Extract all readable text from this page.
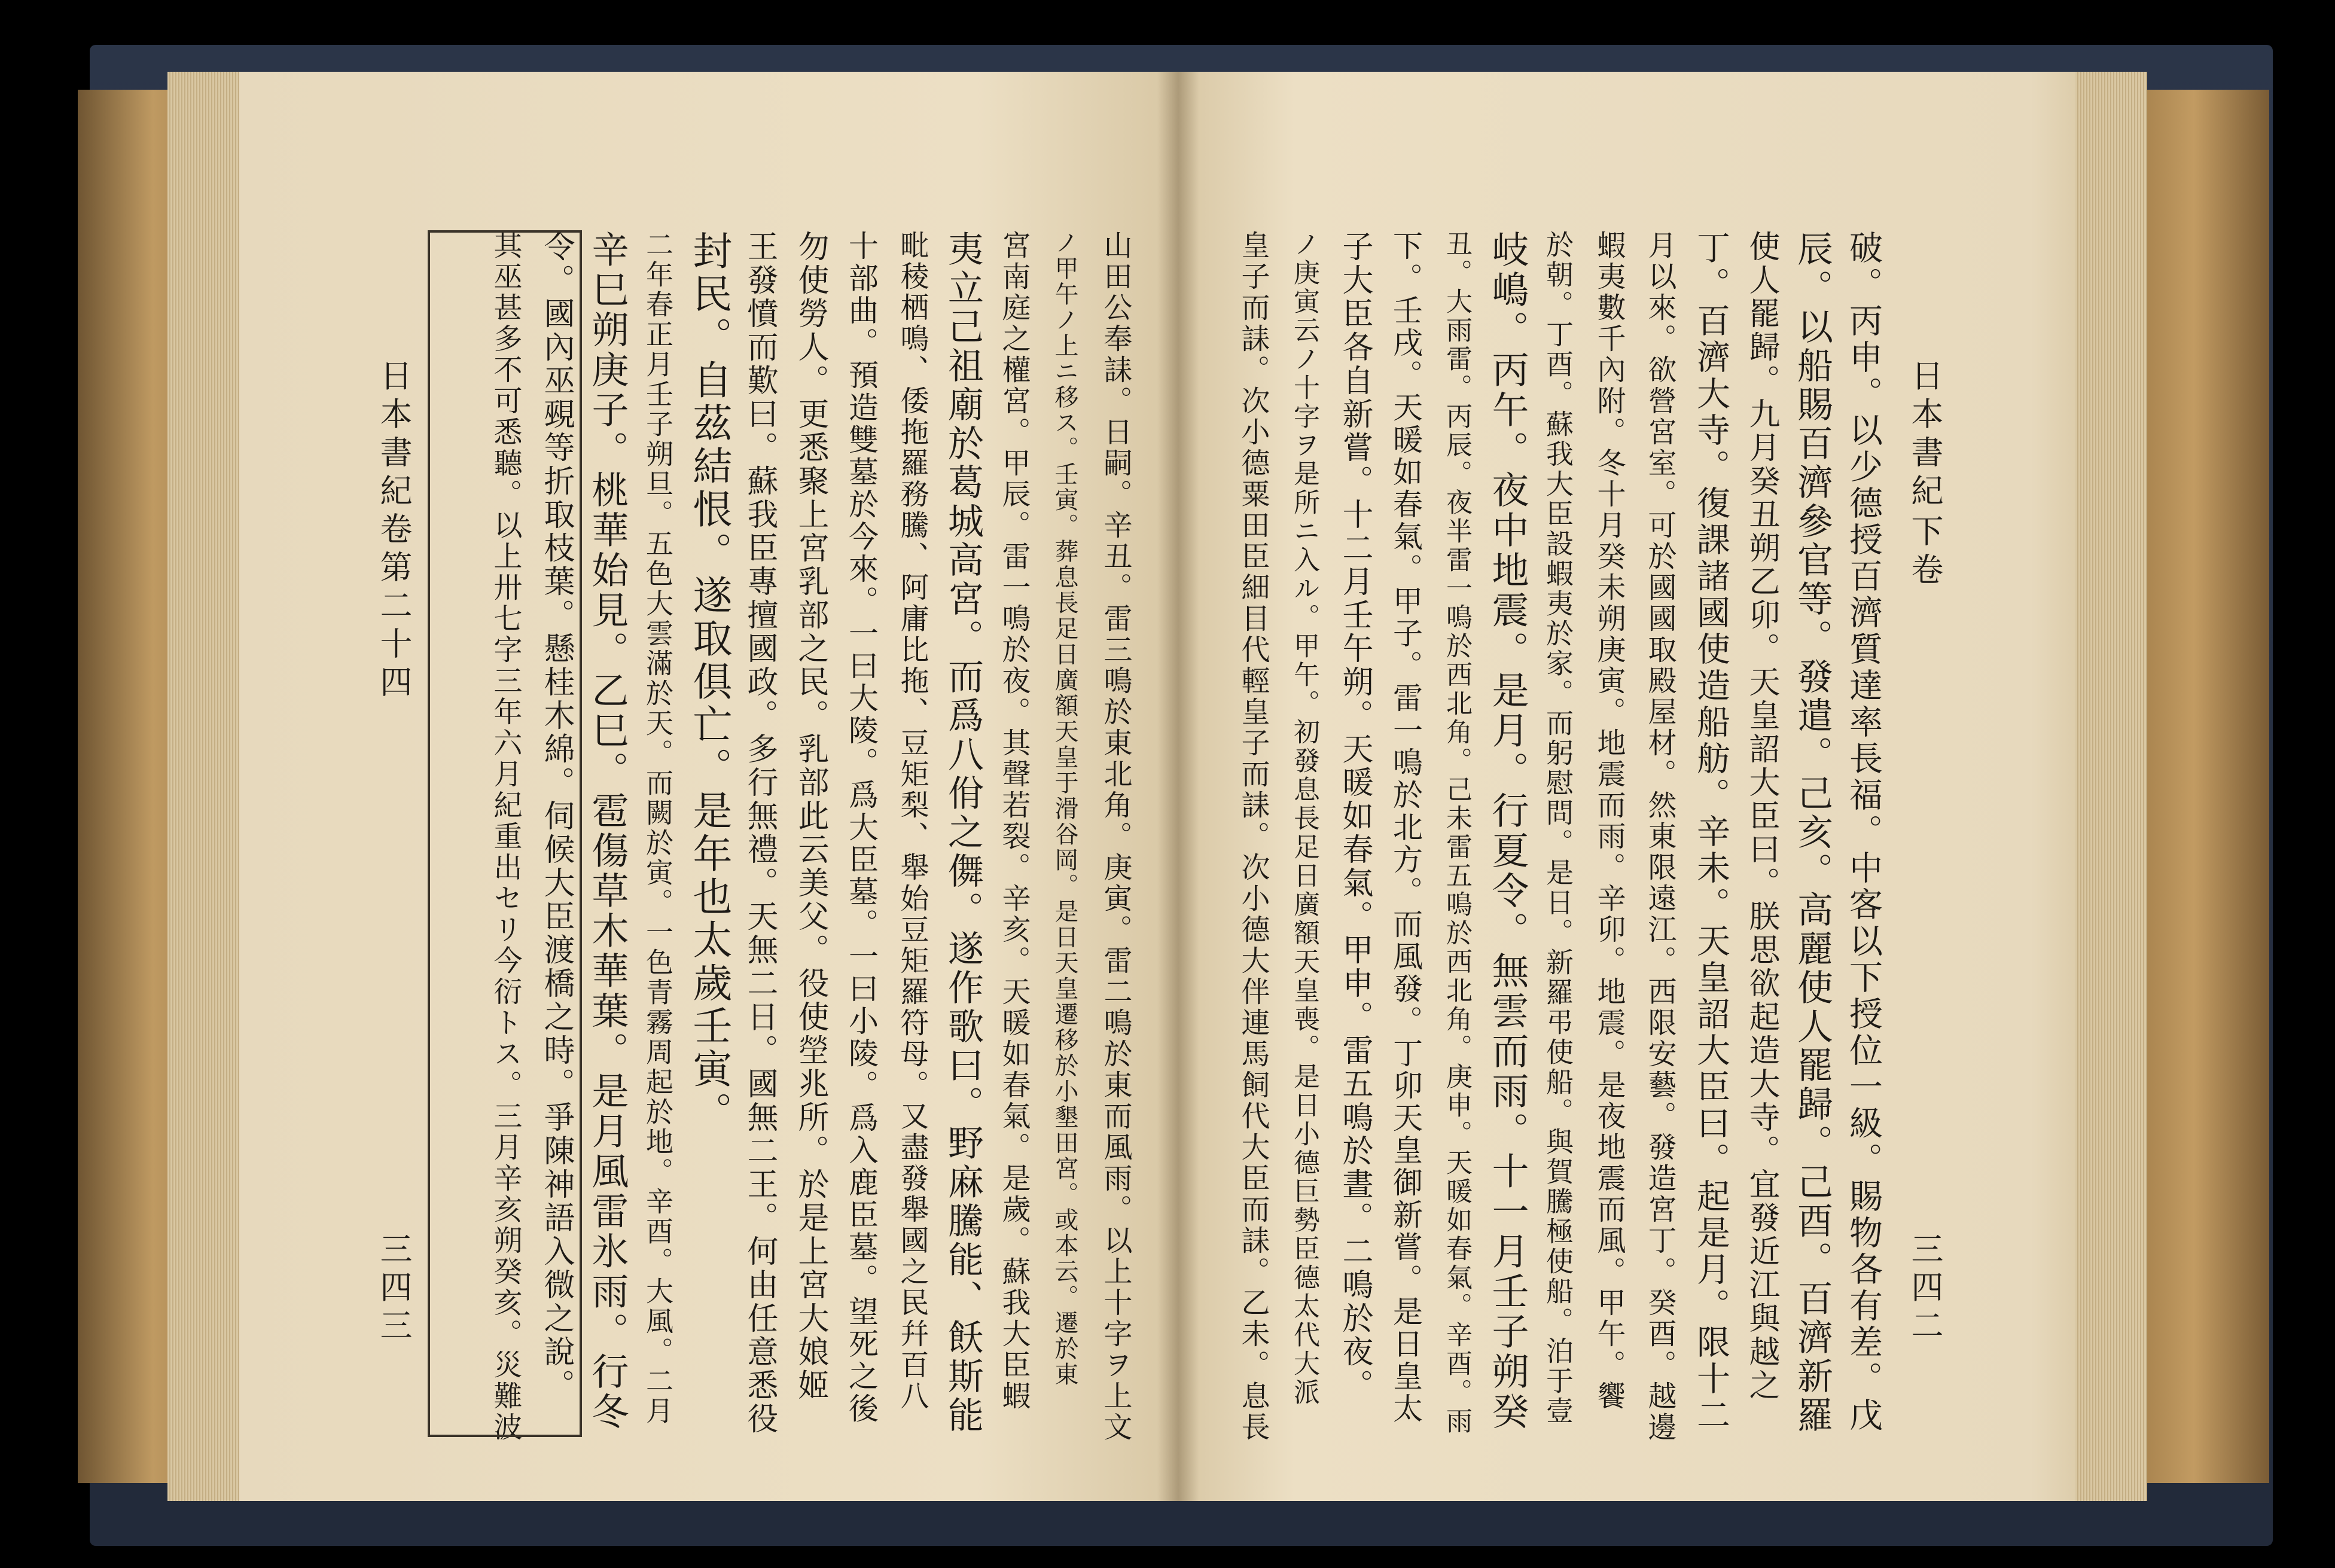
日本書紀
下卷
三四二
破。丙申。以少德授百濟質達率長福。中客以下授位一級。賜物各有差。戊
辰。以船賜百濟參官等。發遣。己亥。高麗使人罷歸。己酉。百濟新羅
使人罷歸。九月癸丑朔乙卯。天皇詔大臣曰。朕思欲起造大寺。宜發近江與越之
丁。百濟大寺。復課諸國使造船舫。辛未。天皇詔大臣曰。起是月。限十二
月以來。欲營宮室。可於國國取殿屋材。然東限遠江。西限安藝。發造宮丁。癸酉。越邊
蝦夷數千內附。冬十月癸未朔庚寅。地震而雨。辛卯。地震。是夜地震而風。甲午。饗
於朝。丁酉。蘇我大臣設蝦夷於家。而躬慰問。是日。新羅弔使船。與賀騰極使船。泊于壹
岐嶋。丙午。夜中地震。是月。行夏令。無雲而雨。十一月壬子朔癸
丑。大雨雷。丙辰。夜半雷一鳴於西北角。己未雷五鳴於西北角。庚申。天暖如春氣。辛酉。雨
下。壬戌。天暖如春氣。甲子。雷一鳴於北方。而風發。丁卯天皇御新嘗。是日皇太
子大臣各自新嘗。十二月壬午朔。天暖如春氣。甲申。雷五鳴於晝。二鳴於夜。
ノ庚寅云ノ十字ヲ是所ニ入ル。甲午。初發息長足日廣額天皇喪。是日小德巨勢臣德太代大派
皇子而誄。次小德粟田臣細目代輕皇子而誄。次小德大伴連馬飼代大臣而誄。乙未。息長
山田公奉誄。日嗣。辛丑。雷三鳴於東北角。庚寅。雷二鳴於東而風雨。以上十字ヲ上文
ノ甲午ノ上ニ移ス。壬寅。葬息長足日廣額天皇于滑谷岡。是日天皇遷移於小墾田宮。或本云。遷於東
宮南庭之權宮。甲辰。雷一鳴於夜。其聲若裂。辛亥。天暖如春氣。是歲。蘇我大臣蝦
夷立己祖廟於葛城高宮。而爲八佾之儛。遂作歌曰。野麻騰能、飫斯能
毗稜栖鳴、倭拖羅務騰、阿庸比拖、豆矩梨、舉始豆矩羅符母。又盡發舉國之民幷百八
十部曲。預造雙墓於今來。一曰大陵。爲大臣墓。一曰小陵。爲入鹿臣墓。望死之後
勿使勞人。更悉聚上宮乳部之民。乳部此云美父。役使塋兆所。於是上宮大娘姬
王發憤而歎曰。蘇我臣專擅國政。多行無禮。天無二日。國無二王。何由任意悉役
封民。自茲結恨。遂取俱亡。是年也太歲壬寅。
二年春正月壬子朔旦。五色大雲滿於天。而闕於寅。一色青霧周起於地。辛酉。大風。二月
辛巳朔庚子。桃華始見。乙巳。雹傷草木華葉。是月風雷氷雨。行冬
令。國內巫覡等折取枝葉。懸桂木綿。伺候大臣渡橋之時。爭陳神語入微之說。
其巫甚多不可悉聽。以上卅七字三年六月紀重出セリ今衍トス。三月辛亥朔癸亥。災難波
日本書紀卷第二十四
三四三
